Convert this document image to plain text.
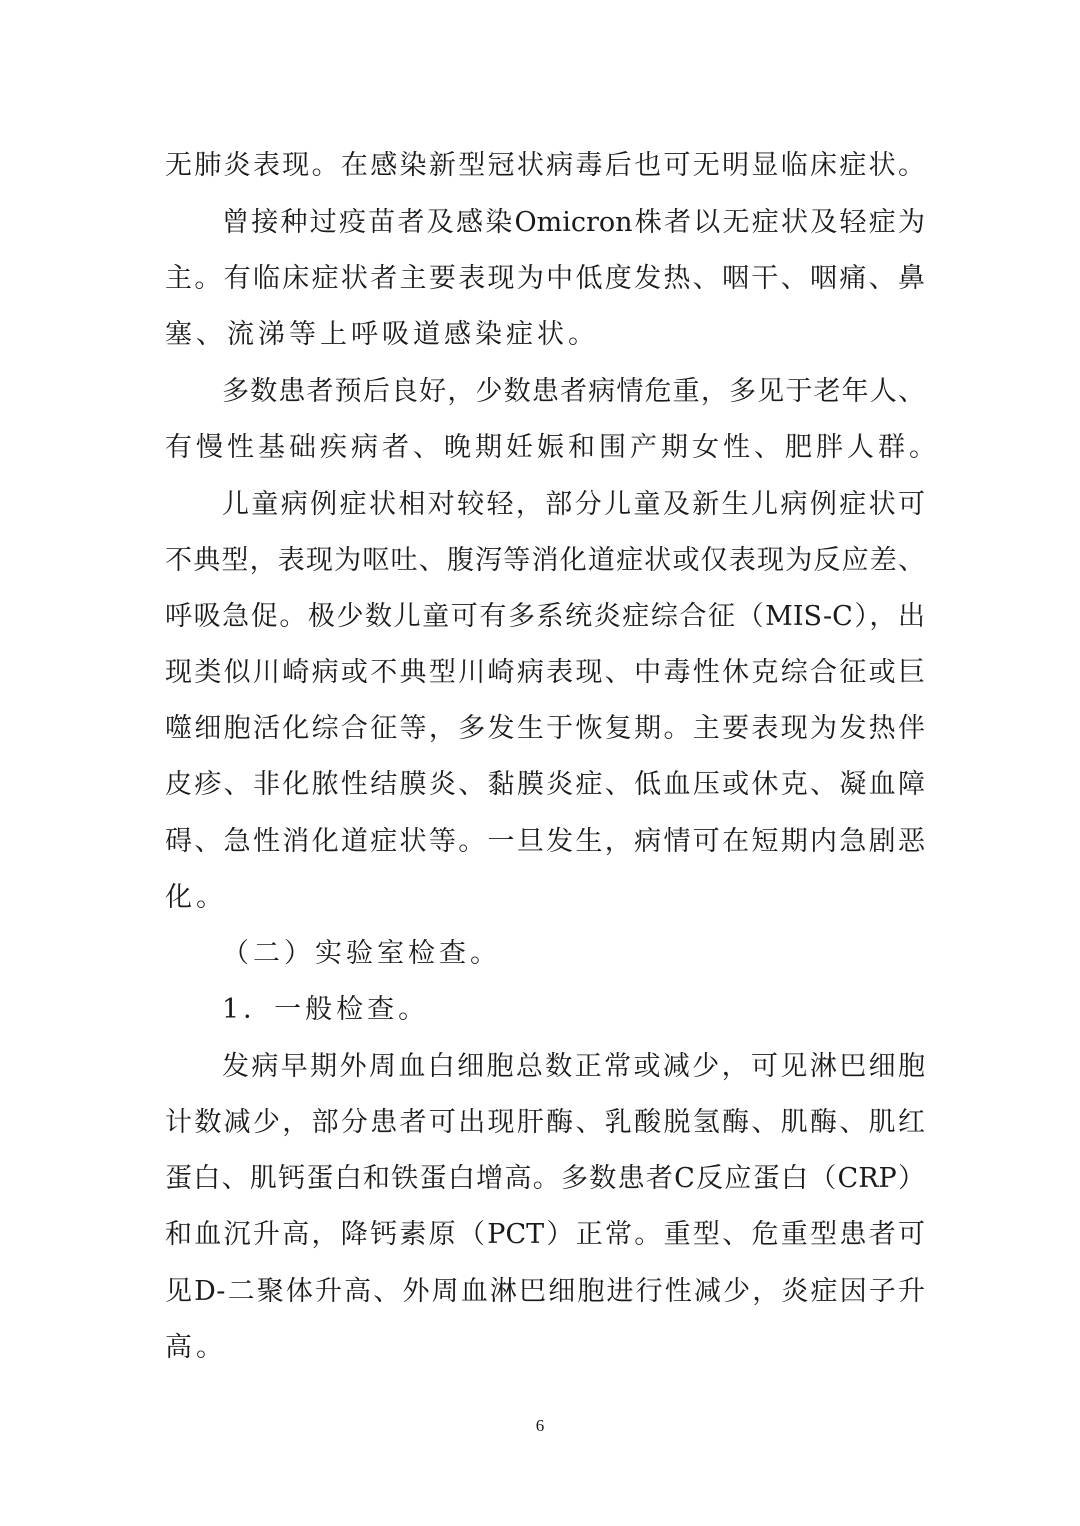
无肺炎表现。在感染新型冠状病毒后也可无明显临床症状。
曾接种过疫苗者及感染Omicron株者以无症状及轻症为
主。有临床症状者主要表现为中低度发热、咽干、咽痛、鼻
塞、流涕等上呼吸道感染症状。
多数患者预后良好，少数患者病情危重，多见于老年人、
有慢性基础疾病者、晚期妊娠和围产期女性、肥胖人群。
儿童病例症状相对较轻，部分儿童及新生儿病例症状可
不典型，表现为呕吐、腹泻等消化道症状或仅表现为反应差、
呼吸急促。极少数儿童可有多系统炎症综合征（MIS-C），出
现类似川崎病或不典型川崎病表现、中毒性休克综合征或巨
噬细胞活化综合征等，多发生于恢复期。主要表现为发热伴
皮疹、非化脓性结膜炎、黏膜炎症、低血压或休克、凝血障
碍、急性消化道症状等。一旦发生，病情可在短期内急剧恶
化。
（二）实验室检查。
1．一般检查。
发病早期外周血白细胞总数正常或减少，可见淋巴细胞
计数减少，部分患者可出现肝酶、乳酸脱氢酶、肌酶、肌红
蛋白、肌钙蛋白和铁蛋白增高。多数患者C反应蛋白（CRP）
和血沉升高，降钙素原（PCT）正常。重型、危重型患者可
见D-二聚体升高、外周血淋巴细胞进行性减少，炎症因子升
高。
6
